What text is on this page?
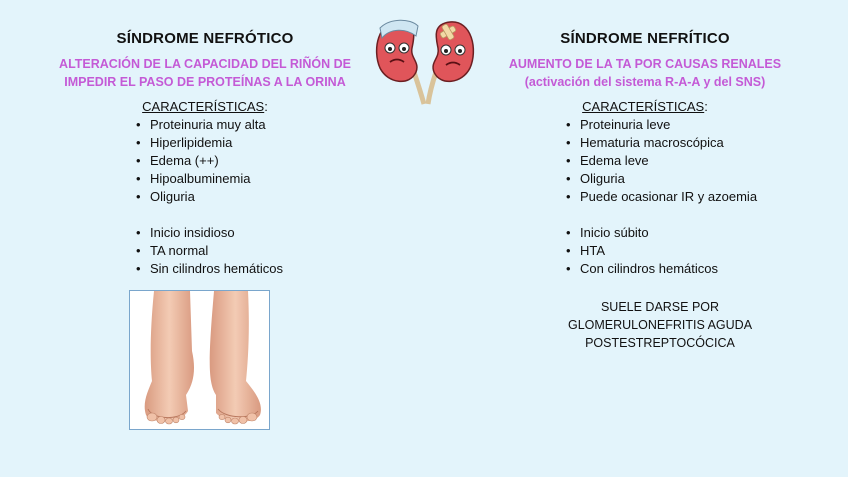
SÍNDROME NEFRÓTICO
ALTERACIÓN DE LA CAPACIDAD DEL RIÑÓN DE
IMPEDIR EL PASO DE PROTEÍNAS A LA ORINA
CARACTERÍSTICAS:
• Proteinuria muy alta
• Hiperlipidemia
• Edema (++)
• Hipoalbuminemia
• Oliguria
• Inicio insidioso
• TA normal
• Sin cilindros hemáticos
SÍNDROME NEFRÍTICO
AUMENTO DE LA TA POR CAUSAS RENALES
(activación del sistema R-A-A y del SNS)
CARACTERÍSTICAS:
• Proteinuria leve
• Hematuria macroscópica
• Edema leve
• Oliguria
• Puede ocasionar IR y azoemia
• Inicio súbito
• HTA
• Con cilindros hemáticos
SUELE DARSE POR
GLOMERULONEFRITIS AGUDA
POSTESTREPTOCÓCICA
